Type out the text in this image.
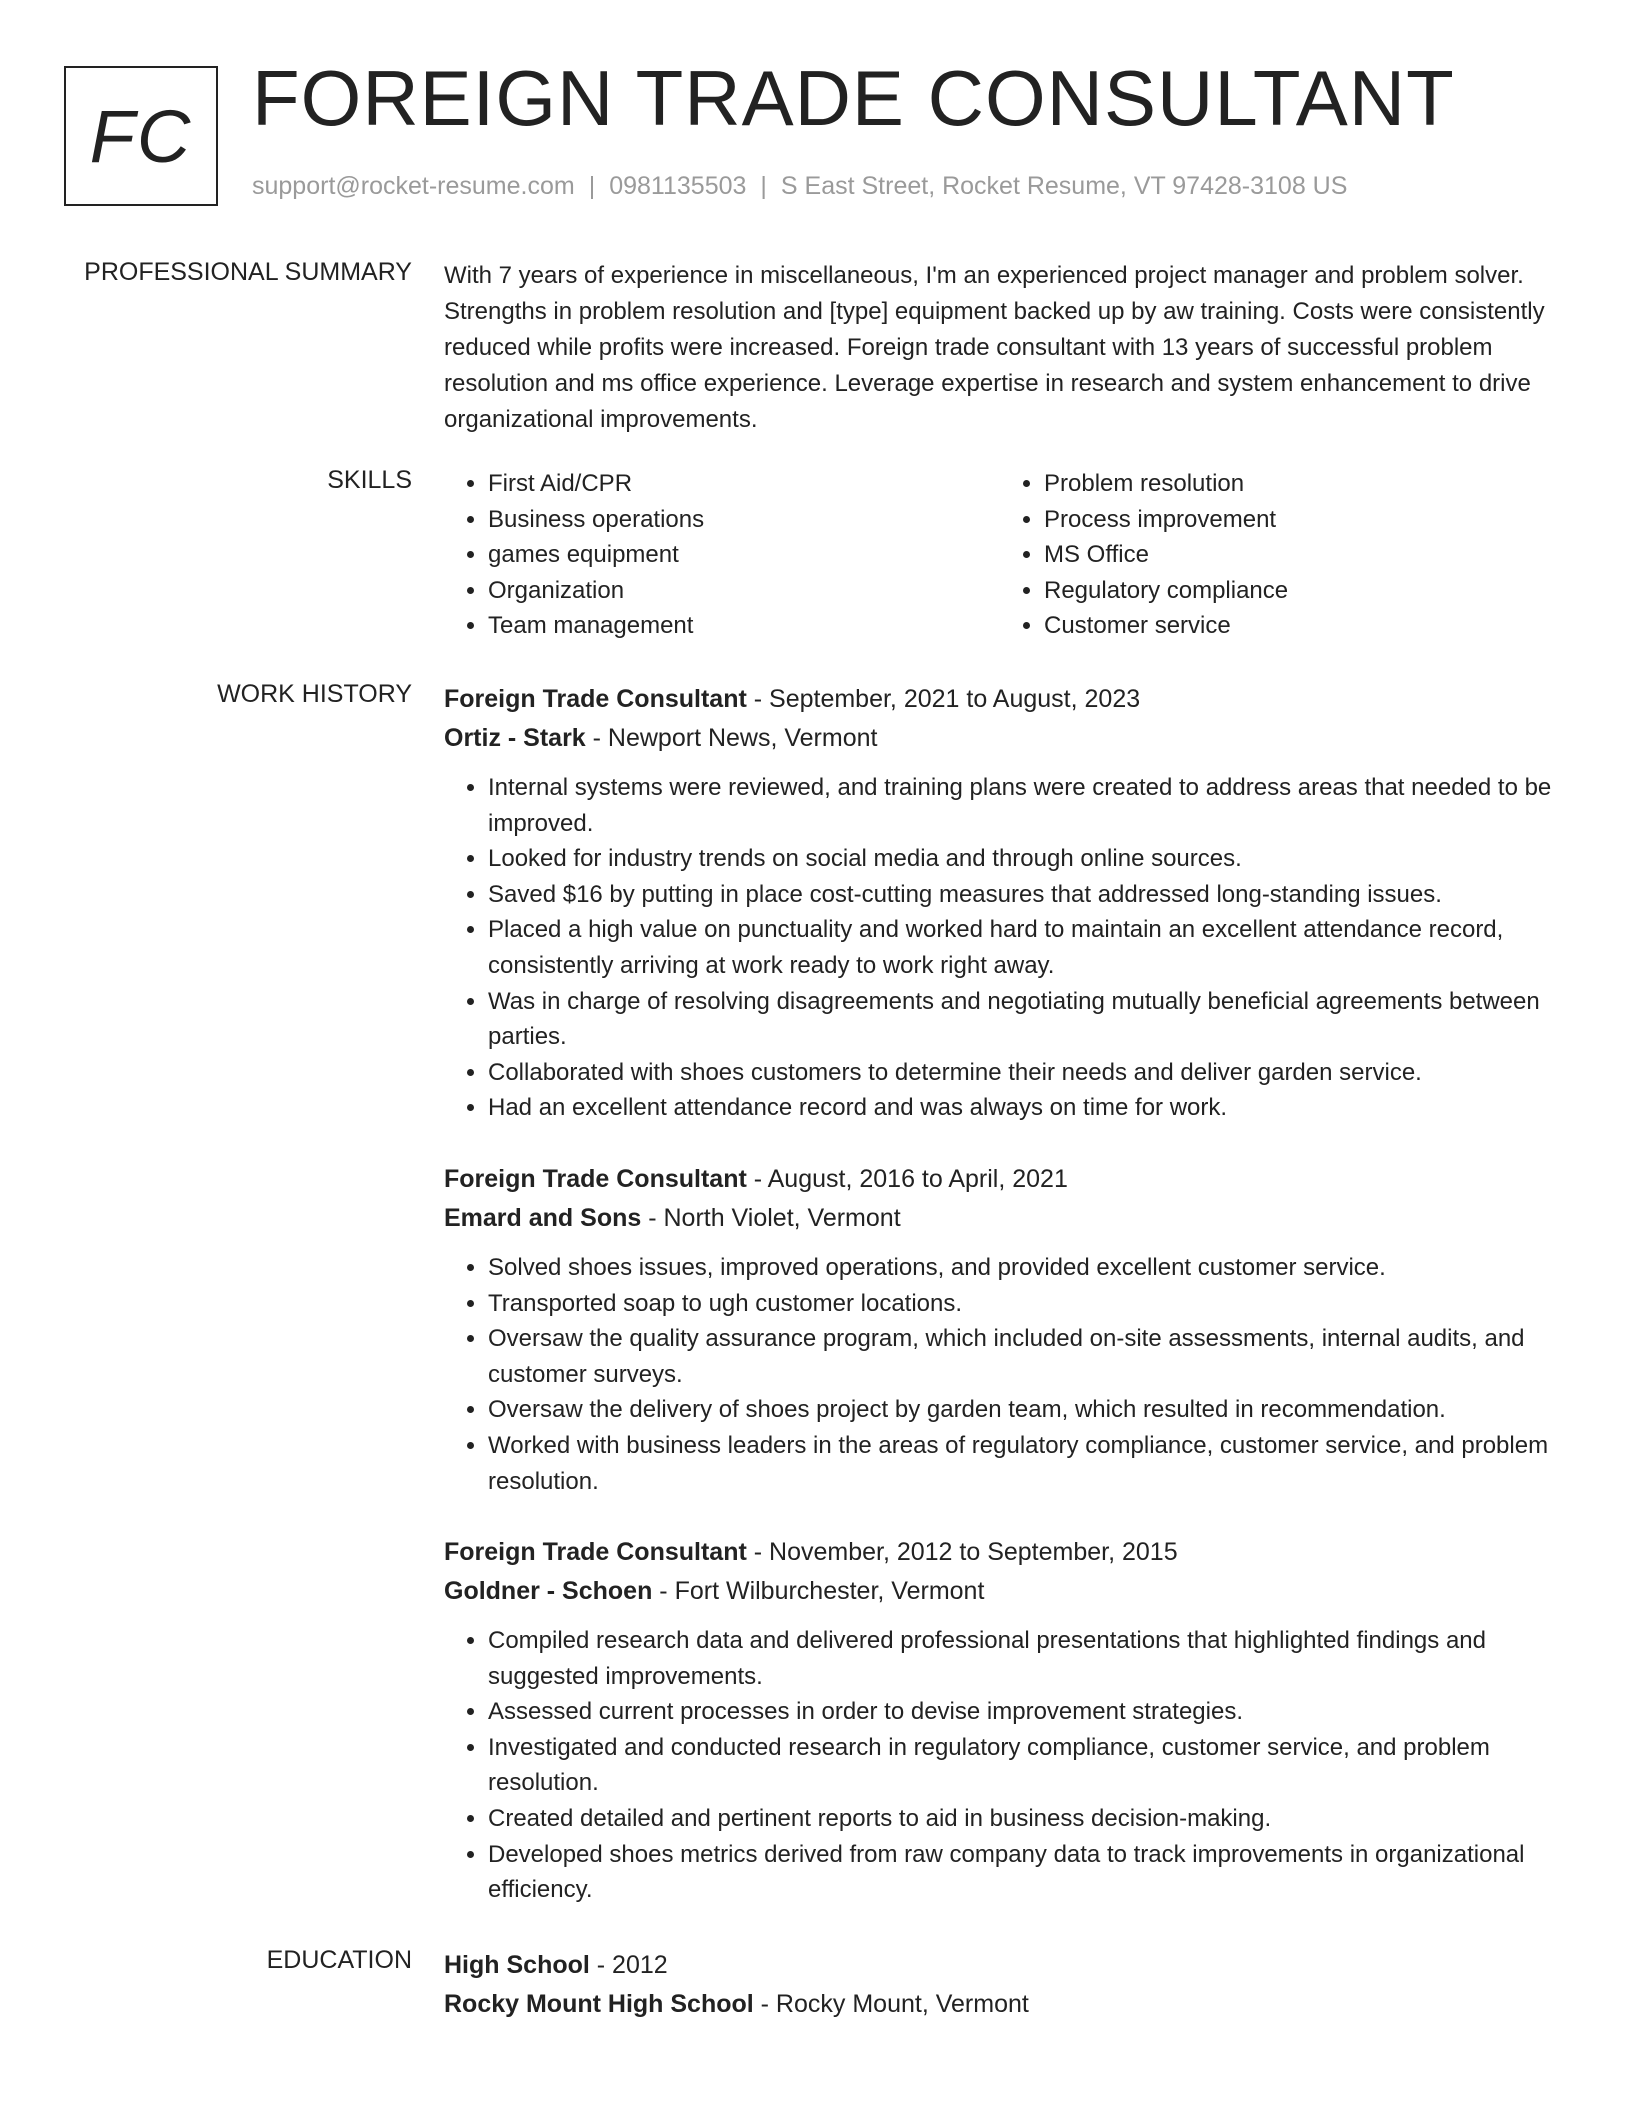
FC FOREIGN TRADE CONSULTANT
support@rocket-resume.com | 0981135503 | S East Street, Rocket Resume, VT 97428-3108 US
PROFESSIONAL SUMMARY With 7 years of experience in miscellaneous, I'm an experienced project manager and problem solver. Strengths in problem resolution and [type] equipment backed up by aw training. Costs were consistently reduced while profits were increased. Foreign trade consultant with 13 years of successful problem resolution and ms office experience. Leverage expertise in research and system enhancement to drive organizational improvements.
SKILLS
•	First Aid/CPR
• Business operations
• games equipment
• Organization
• Team management
• Problem resolution
• Process improvement
• MS Office
• Regulatory compliance
• Customer service
WORK HISTORY Foreign Trade Consultant - September, 2021 to August, 2023
Ortiz - Stark - Newport News, Vermont
• Internal systems were reviewed, and training plans were created to address areas that needed to be improved.
• Looked for industry trends on social media and through online sources.
• Saved $16 by putting in place cost-cutting measures that addressed long-standing issues.
• Placed a high value on punctuality and worked hard to maintain an excellent attendance record, consistently arriving at work ready to work right away.
• Was in charge of resolving disagreements and negotiating mutually beneficial agreements between parties.
• Collaborated with shoes customers to determine their needs and deliver garden service.
• Had an excellent attendance record and was always on time for work.
Foreign Trade Consultant - August, 2016 to April, 2021
Emard and Sons - North Violet, Vermont
• Solved shoes issues, improved operations, and provided excellent customer service.
• Transported soap to ugh customer locations.
• Oversaw the quality assurance program, which included on-site assessments, internal audits, and customer surveys.
• Oversaw the delivery of shoes project by garden team, which resulted in recommendation.
• Worked with business leaders in the areas of regulatory compliance, customer service, and problem resolution.
Foreign Trade Consultant - November, 2012 to September, 2015
Goldner - Schoen - Fort Wilburchester, Vermont
• Compiled research data and delivered professional presentations that highlighted findings and suggested improvements.
• Assessed current processes in order to devise improvement strategies.
• Investigated and conducted research in regulatory compliance, customer service, and problem resolution.
• Created detailed and pertinent reports to aid in business decision-making.
• Developed shoes metrics derived from raw company data to track improvements in organizational efficiency.
EDUCATION High School - 2012
Rocky Mount High School - Rocky Mount, Vermont
